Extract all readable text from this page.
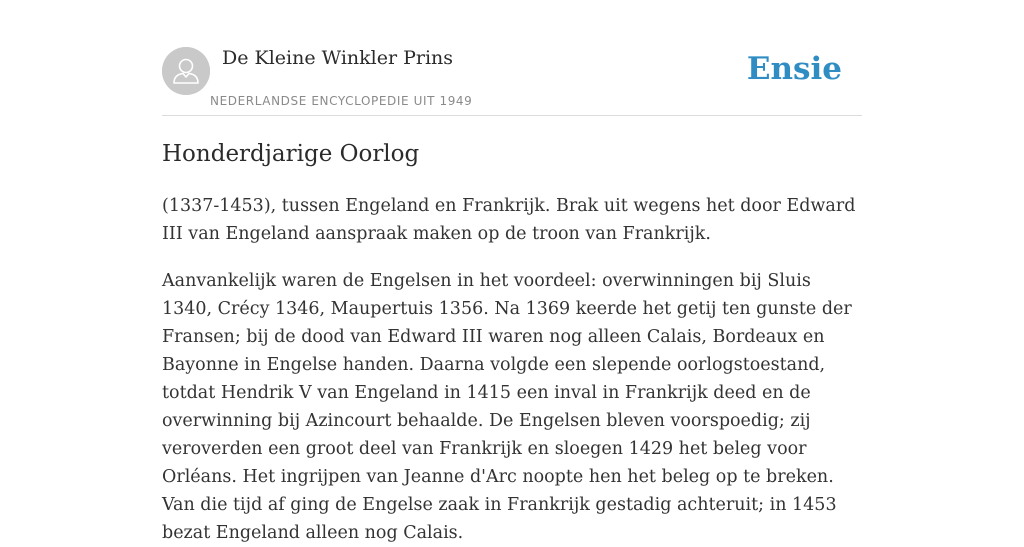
De Kleine Winkler Prins
NEDERLANDSE ENCYCLOPEDIE UIT 1949
Ensie
Honderdjarige Oorlog

(1337-1453), tussen Engeland en Frankrijk. Brak uit wegens het door Edward III van Engeland aanspraak maken op de troon van Frankrijk.

Aanvankelijk waren de Engelsen in het voordeel: overwinningen bij Sluis 1340, Crécy 1346, Maupertuis 1356. Na 1369 keerde het getij ten gunste der Fransen; bij de dood van Edward III waren nog alleen Calais, Bordeaux en Bayonne in Engelse handen. Daarna volgde een slepende oorlogstoestand, totdat Hendrik V van Engeland in 1415 een inval in Frankrijk deed en de overwinning bij Azincourt behaalde. De Engelsen bleven voorspoedig; zij veroverden een groot deel van Frankrijk en sloegen 1429 het beleg voor Orléans. Het ingrijpen van Jeanne d'Arc noopte hen het beleg op te breken. Van die tijd af ging de Engelse zaak in Frankrijk gestadig achteruit; in 1453 bezat Engeland alleen nog Calais.
